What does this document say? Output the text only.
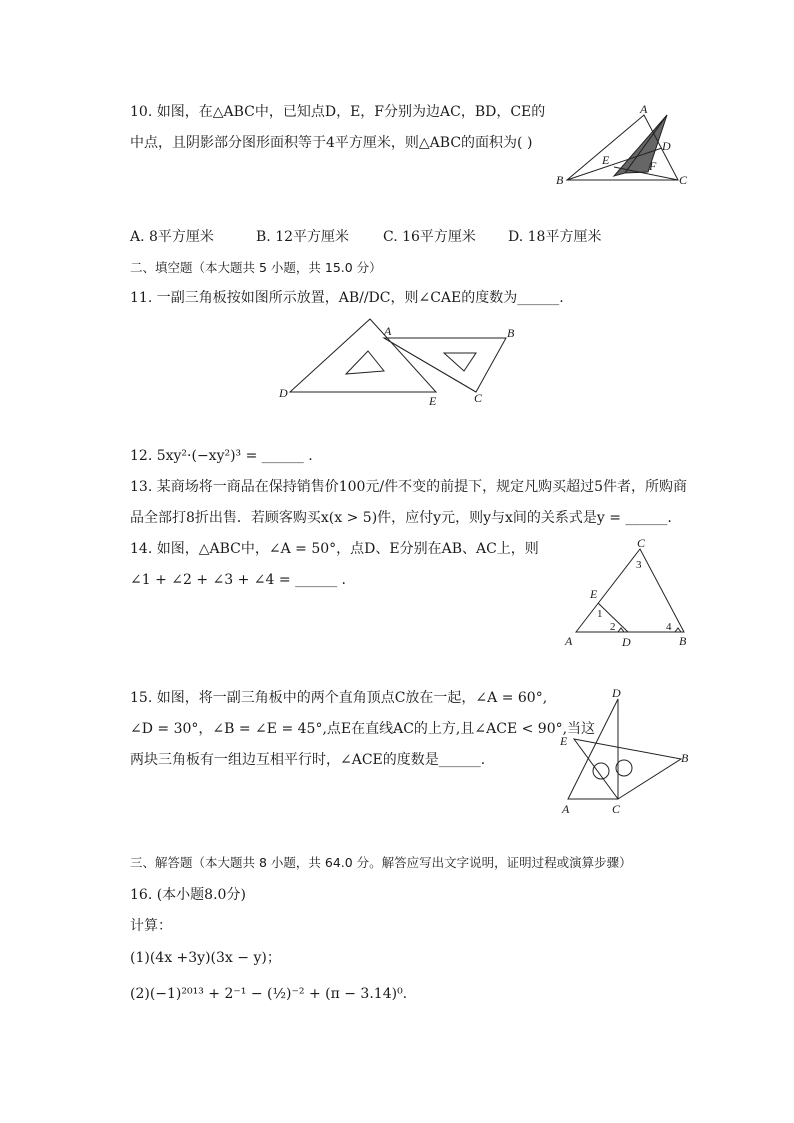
10. 如图，在△ABC中，已知点D，E，F分别为边AC，BD，CE的
中点，且阴影部分图形面积等于4平方厘米，则△ABC的面积为( )
A
B	C
D
E	F
A. 8平方厘米	B. 12平方厘米 C. 16平方厘米 D. 18平方厘米
二、填空题（本大题共 5 小题，共 15.0 分）
11. 一副三角板按如图所示放置，AB//DC，则∠CAE的度数为______.
A	B
C
D
E
12. 5xy²·(−xy²)³ = ______ .
13. 某商场将一商品在保持销售价100元/件不变的前提下，规定凡购买超过5件者，所购商
品全部打8折出售．若顾客购买x(x > 5)件，应付y元，则y与x间的关系式是y = ______.
14. 如图，△ABC中，∠A = 50°，点D、E分别在AB、AC上，则
∠1 + ∠2 + ∠3 + ∠4 = ______ .
C
E
A	D	B
1
2
3
4
15. 如图，将一副三角板中的两个直角顶点C放在一起，∠A = 60°,
∠D = 30°，∠B = ∠E = 45°,点E在直线AC的上方,且∠ACE < 90°,当这
两块三角板有一组边互相平行时，∠ACE的度数是______.
D
E
B
A	C
三、解答题（本大题共 8 小题，共 64.0 分。解答应写出文字说明，证明过程或演算步骤）
16. (本小题8.0分)
计算：
(1)(4x +3y)(3x − y)；
(2)(−1)²⁰¹³ + 2⁻¹ − (½)⁻² + (π − 3.14)⁰.
